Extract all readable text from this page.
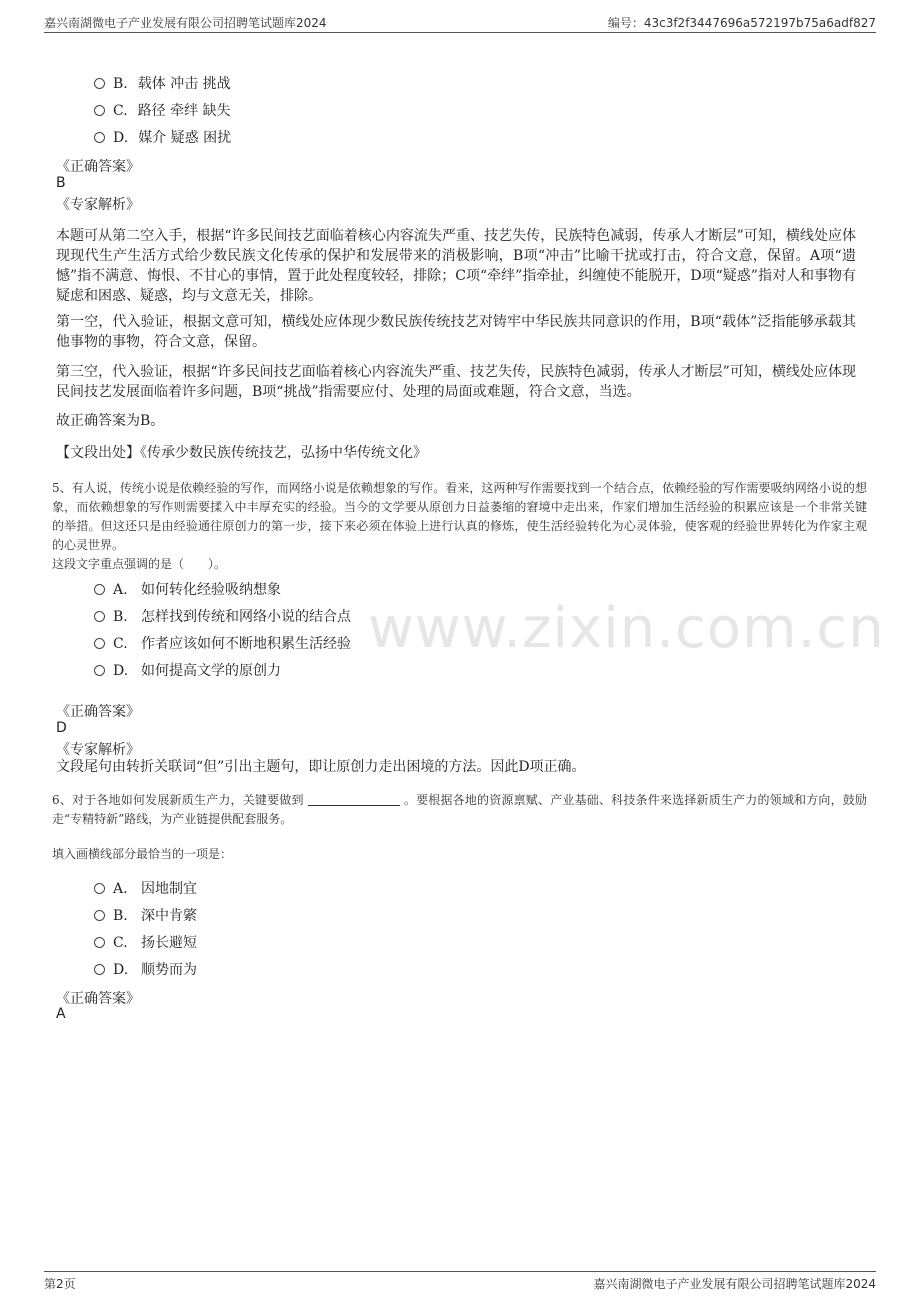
嘉兴南湖微电子产业发展有限公司招聘笔试题库2024	编号：43c3f2f3447696a572197b75a6adf827
www.zixin.com.cn
B. 载体 冲击 挑战
C. 路径 牵绊 缺失
D. 媒介 疑惑 困扰
《正确答案》
B
《专家解析》
本题可从第二空入手，根据“许多民间技艺面临着核心内容流失严重、技艺失传，民族特色减弱，传承人才断层”可知，横线处应体现现代生产生活方式给少数民族文化传承的保护和发展带来的消极影响，B项“冲击”比喻干扰或打击，符合文意，保留。A项“遗憾”指不满意、悔恨、不甘心的事情，置于此处程度较轻，排除；C项“牵绊”指牵扯，纠缠使不能脱开，D项“疑惑”指对人和事物有疑虑和困惑、疑惑，均与文意无关，排除。
第一空，代入验证，根据文意可知，横线处应体现少数民族传统技艺对铸牢中华民族共同意识的作用，B项“载体”泛指能够承载其他事物的事物，符合文意，保留。
第三空，代入验证，根据“许多民间技艺面临着核心内容流失严重、技艺失传，民族特色减弱，传承人才断层”可知，横线处应体现民间技艺发展面临着许多问题，B项“挑战”指需要应付、处理的局面或难题，符合文意，当选。
故正确答案为B。
【文段出处】《传承少数民族传统技艺，弘扬中华传统文化》
5、有人说，传统小说是依赖经验的写作，而网络小说是依赖想象的写作。看来，这两种写作需要找到一个结合点，依赖经验的写作需要吸纳网络小说的想象，而依赖想象的写作则需要揉入中丰厚充实的经验。当今的文学要从原创力日益萎缩的窘境中走出来，作家们增加生活经验的积累应该是一个非常关键的举措。但这还只是由经验通往原创力的第一步，接下来必须在体验上进行认真的修炼，使生活经验转化为心灵体验，使客观的经验世界转化为作家主观的心灵世界。
这段文字重点强调的是（　　）。
A. 如何转化经验吸纳想象
B. 怎样找到传统和网络小说的结合点
C. 作者应该如何不断地积累生活经验
D. 如何提高文学的原创力
《正确答案》
D
《专家解析》
文段尾句由转折关联词“但”引出主题句，即让原创力走出困境的方法。因此D项正确。
6、对于各地如何发展新质生产力，关键要做到	。要根据各地的资源禀赋、产业基础、科技条件来选择新质生产力的领域和方向，鼓励走“专精特新”路线，为产业链提供配套服务。
填入画横线部分最恰当的一项是：
A. 因地制宜
B. 深中肯綮
C. 扬长避短
D. 顺势而为
《正确答案》
A
第2页	嘉兴南湖微电子产业发展有限公司招聘笔试题库2024
